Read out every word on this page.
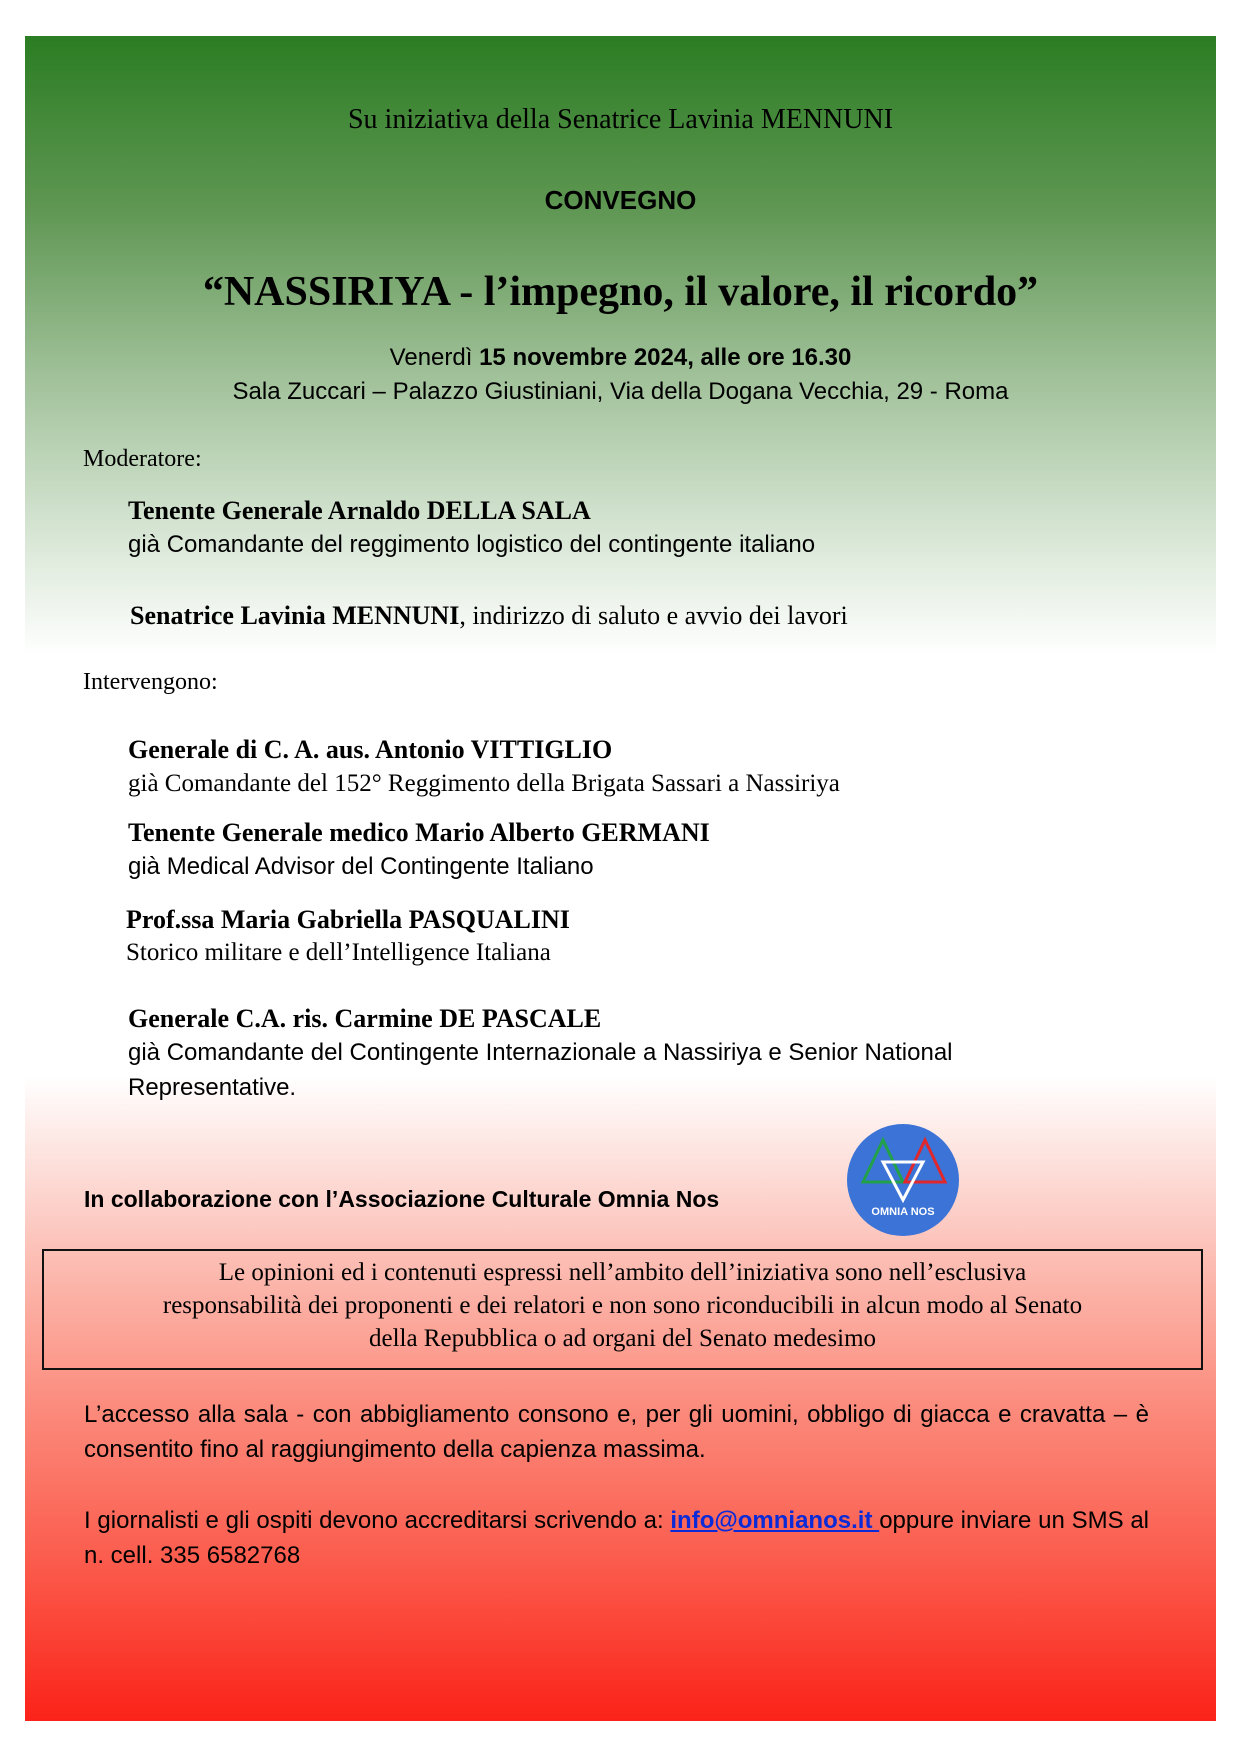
Su iniziativa della Senatrice Lavinia MENNUNI
CONVEGNO
“NASSIRIYA - l’impegno, il valore, il ricordo”
Venerdì 15 novembre 2024, alle ore 16.30
Sala Zuccari – Palazzo Giustiniani, Via della Dogana Vecchia, 29 - Roma
Moderatore:
Tenente Generale Arnaldo DELLA SALA
già Comandante del reggimento logistico del contingente italiano
Senatrice Lavinia MENNUNI, indirizzo di saluto e avvio dei lavori
Intervengono:
Generale di C. A. aus. Antonio VITTIGLIO
già Comandante del 152° Reggimento della Brigata Sassari a Nassiriya
Tenente Generale medico Mario Alberto GERMANI
già Medical Advisor del Contingente Italiano
Prof.ssa Maria Gabriella PASQUALINI
Storico militare e dell’Intelligence Italiana
Generale C.A. ris. Carmine DE PASCALE
già Comandante del Contingente Internazionale a Nassiriya e Senior National
Representative.
In collaborazione con l’Associazione Culturale Omnia Nos	OMNIA NOS
Le opinioni ed i contenuti espressi nell’ambito dell’iniziativa sono nell’esclusiva
responsabilità dei proponenti e dei relatori e non sono riconducibili in alcun modo al Senato
della Repubblica o ad organi del Senato medesimo
L’accesso alla sala - con abbigliamento consono e, per gli uomini, obbligo di giacca e cravatta – è consentito fino al raggiungimento della capienza massima.
I giornalisti e gli ospiti devono accreditarsi scrivendo a: info@omnianos.it oppure inviare un SMS al n. cell. 335 6582768
